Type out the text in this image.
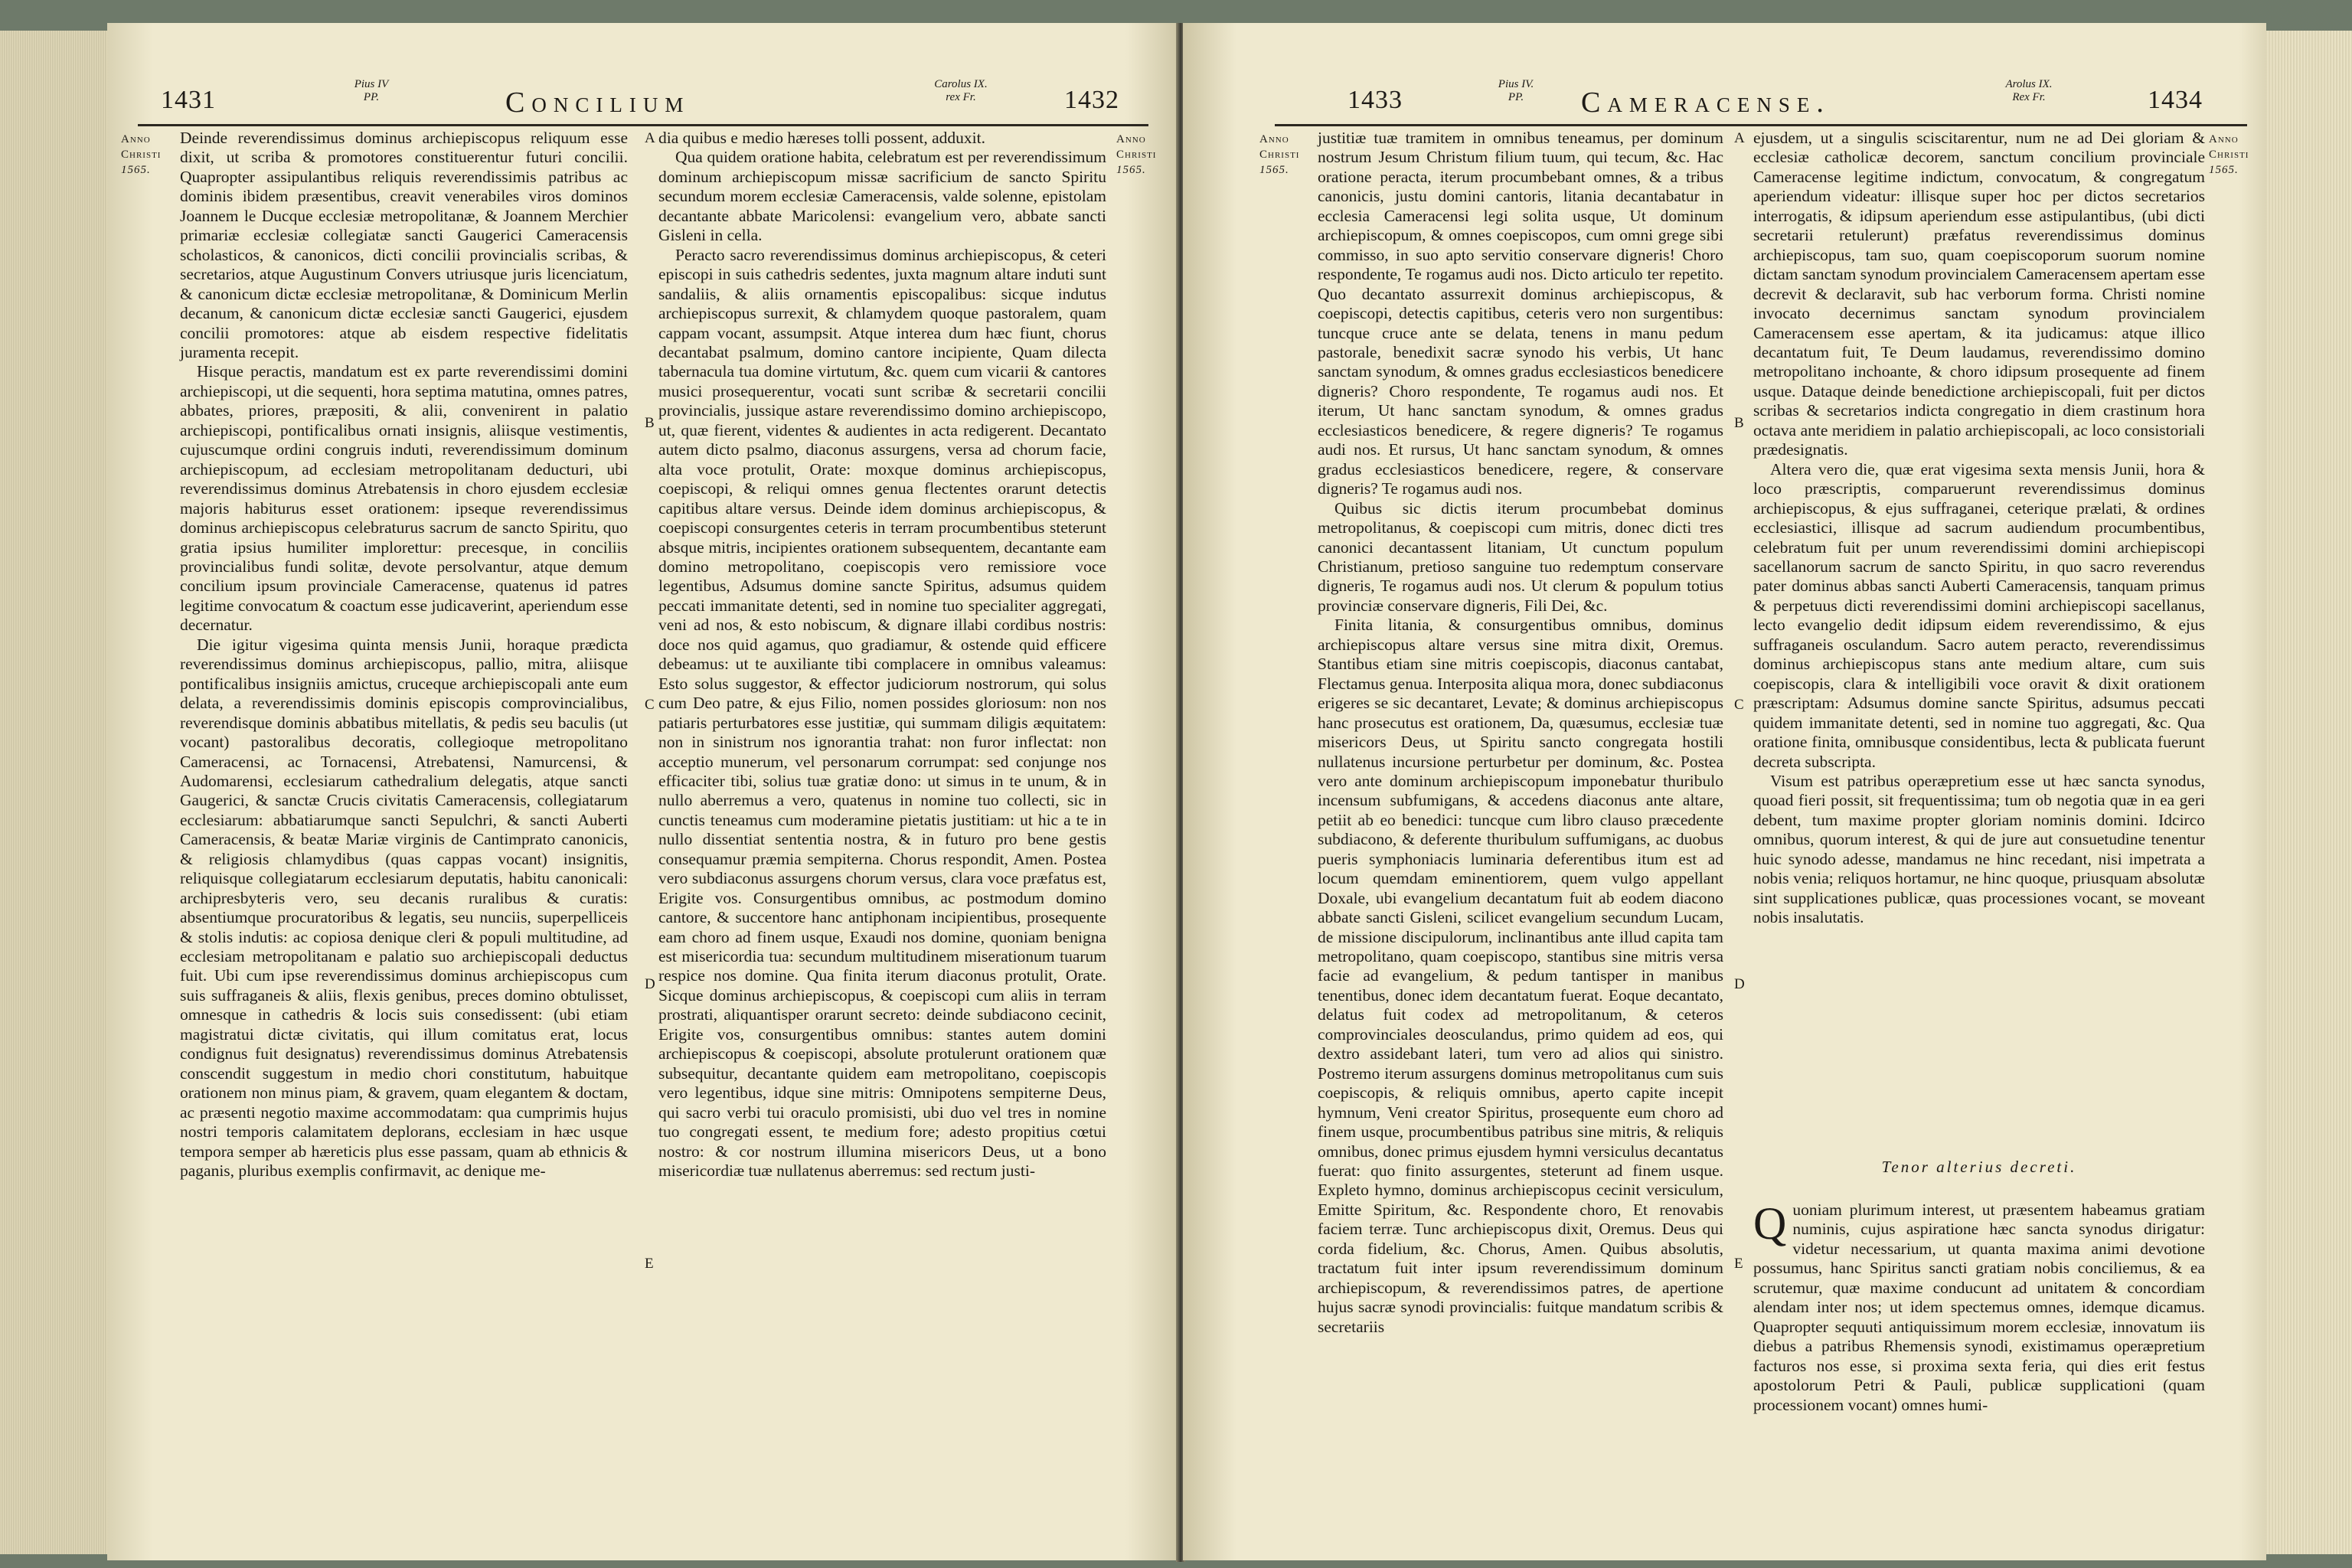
1431
Pius IV
PP.	Concilium
Carolus IX.
rex Fr.	1432
Anno
Christi
1565.
Anno
Christi
1565.

Deinde reverendissimus dominus archiepiscopus reliquum esse dixit, ut scriba & promotores constituerentur futuri concilii. Quapropter assipulantibus reliquis reverendissimis patribus ac dominis ibidem præsentibus, creavit venerabiles viros dominos Joannem le Ducque ecclesiæ metropolitanæ, & Joannem Merchier primariæ ecclesiæ collegiatæ sancti Gaugerici Cameracensis scholasticos, & canonicos, dicti concilii provincialis scribas, & secretarios, atque Augustinum Convers utriusque juris licenciatum, & canonicum dictæ ecclesiæ metropolitanæ, & Dominicum Merlin decanum, & canonicum dictæ ecclesiæ sancti Gaugerici, ejusdem concilii promotores: atque ab eisdem respective fidelitatis juramenta recepit.

Hisque peractis, mandatum est ex parte reverendissimi domini archiepiscopi, ut die sequenti, hora septima matutina, omnes patres, abbates, priores, præpositi, & alii, convenirent in palatio archiepiscopi, pontificalibus ornati insignis, aliisque vestimentis, cujuscumque ordini congruis induti, reverendissimum dominum archiepiscopum, ad ecclesiam metropolitanam deducturi, ubi reverendissimus dominus Atrebatensis in choro ejusdem ecclesiæ majoris habiturus esset orationem: ipseque reverendissimus dominus archiepiscopus celebraturus sacrum de sancto Spiritu, quo gratia ipsius humiliter implorettur: precesque, in conciliis provincialibus fundi solitæ, devote persolvantur, atque demum concilium ipsum provinciale Cameracense, quatenus id patres legitime convocatum & coactum esse judicaverint, aperiendum esse decernatur.

Die igitur vigesima quinta mensis Junii, horaque prædicta reverendissimus dominus archiepiscopus, pallio, mitra, aliisque pontificalibus insigniis amictus, cruceque archiepiscopali ante eum delata, a reverendissimis dominis episcopis comprovincialibus, reverendisque dominis abbatibus mitellatis, & pedis seu baculis (ut vocant) pastoralibus decoratis, collegioque metropolitano Cameracensi, ac Tornacensi, Atrebatensi, Namurcensi, & Audomarensi, ecclesiarum cathedralium delegatis, atque sancti Gaugerici, & sanctæ Crucis civitatis Cameracensis, collegiatarum ecclesiarum: abbatiarumque sancti Sepulchri, & sancti Auberti Cameracensis, & beatæ Mariæ virginis de Cantimprato canonicis, & religiosis chlamydibus (quas cappas vocant) insignitis, reliquisque collegiatarum ecclesiarum deputatis, habitu canonicali: archipresbyteris vero, seu decanis ruralibus & curatis: absentiumque procuratoribus & legatis, seu nunciis, superpelliceis & stolis indutis: ac copiosa denique cleri & populi multitudine, ad ecclesiam metropolitanam e palatio suo archiepiscopali deductus fuit. Ubi cum ipse reverendissimus dominus archiepiscopus cum suis suffraganeis & aliis, flexis genibus, preces domino obtulisset, omnesque in cathedris & locis suis consedissent: (ubi etiam magistratui dictæ civitatis, qui illum comitatus erat, locus condignus fuit designatus) reverendissimus dominus Atrebatensis conscendit suggestum in medio chori constitutum, habuitque orationem non minus piam, & gravem, quam elegantem & doctam, ac præsenti negotio maxime accommodatam: qua cumprimis hujus nostri temporis calamitatem deplorans, ecclesiam in hæc usque tempora semper ab hæreticis plus esse passam, quam ab ethnicis & paganis, pluribus exemplis confirmavit, ac denique me-

dia quibus e medio hæreses tolli possent, adduxit.

Qua quidem oratione habita, celebratum est per reverendissimum dominum archiepiscopum missæ sacrificium de sancto Spiritu secundum morem ecclesiæ Cameracensis, valde solenne, epistolam decantante abbate Maricolensi: evangelium vero, abbate sancti Gisleni in cella.

Peracto sacro reverendissimus dominus archiepiscopus, & ceteri episcopi in suis cathedris sedentes, juxta magnum altare induti sunt sandaliis, & aliis ornamentis episcopalibus: sicque indutus archiepiscopus surrexit, & chlamydem quoque pastoralem, quam cappam vocant, assumpsit. Atque interea dum hæc fiunt, chorus decantabat psalmum, domino cantore incipiente, Quam dilecta tabernacula tua domine virtutum, &c. quem cum vicarii & cantores musici prosequerentur, vocati sunt scribæ & secretarii concilii provincialis, jussique astare reverendissimo domino archiepiscopo, ut, quæ fierent, videntes & audientes in acta redigerent. Decantato autem dicto psalmo, diaconus assurgens, versa ad chorum facie, alta voce protulit, Orate: moxque dominus archiepiscopus, coepiscopi, & reliqui omnes genua flectentes orarunt detectis capitibus altare versus. Deinde idem dominus archiepiscopus, & coepiscopi consurgentes ceteris in terram procumbentibus steterunt absque mitris, incipientes orationem subsequentem, decantante eam domino metropolitano, coepiscopis vero remissiore voce legentibus, Adsumus domine sancte Spiritus, adsumus quidem peccati immanitate detenti, sed in nomine tuo specialiter aggregati, veni ad nos, & esto nobiscum, & dignare illabi cordibus nostris: doce nos quid agamus, quo gradiamur, & ostende quid efficere debeamus: ut te auxiliante tibi complacere in omnibus valeamus: Esto solus suggestor, & effector judiciorum nostrorum, qui solus cum Deo patre, & ejus Filio, nomen possides gloriosum: non nos patiaris perturbatores esse justitiæ, qui summam diligis æquitatem: non in sinistrum nos ignorantia trahat: non furor inflectat: non acceptio munerum, vel personarum corrumpat: sed conjunge nos efficaciter tibi, solius tuæ gratiæ dono: ut simus in te unum, & in nullo aberremus a vero, quatenus in nomine tuo collecti, sic in cunctis teneamus cum moderamine pietatis justitiam: ut hic a te in nullo dissentiat sententia nostra, & in futuro pro bene gestis consequamur præmia sempiterna. Chorus respondit, Amen. Postea vero subdiaconus assurgens chorum versus, clara voce præfatus est, Erigite vos. Consurgentibus omnibus, ac postmodum domino cantore, & succentore hanc antiphonam incipientibus, prosequente eam choro ad finem usque, Exaudi nos domine, quoniam benigna est misericordia tua: secundum multitudinem miserationum tuarum respice nos domine. Qua finita iterum diaconus protulit, Orate. Sicque dominus archiepiscopus, & coepiscopi cum aliis in terram prostrati, aliquantisper orarunt secreto: deinde subdiacono cecinit, Erigite vos, consurgentibus omnibus: stantes autem domini archiepiscopus & coepiscopi, absolute protulerunt orationem quæ subsequitur, decantante quidem eam metropolitano, coepiscopis vero legentibus, idque sine mitris: Omnipotens sempiterne Deus, qui sacro verbi tui oraculo promisisti, ubi duo vel tres in nomine tuo congregati essent, te medium fore; adesto propitius cœtui nostro: & cor nostrum illumina misericors Deus, ut a bono misericordiæ tuæ nullatenus aberremus: sed rectum justi-

A
B
C
D
E
1433
Pius IV.
PP.	Cameracense.
Arolus IX.
Rex Fr.	1434
Anno
Christi
1565.
Anno
Christi
1565.

justitiæ tuæ tramitem in omnibus teneamus, per dominum nostrum Jesum Christum filium tuum, qui tecum, &c. Hac oratione peracta, iterum procumbebant omnes, & a tribus canonicis, justu domini cantoris, litania decantabatur in ecclesia Cameracensi legi solita usque, Ut dominum archiepiscopum, & omnes coepiscopos, cum omni grege sibi commisso, in suo apto servitio conservare digneris! Choro respondente, Te rogamus audi nos. Dicto articulo ter repetito. Quo decantato assurrexit dominus archiepiscopus, & coepiscopi, detectis capitibus, ceteris vero non surgentibus: tuncque cruce ante se delata, tenens in manu pedum pastorale, benedixit sacræ synodo his verbis, Ut hanc sanctam synodum, & omnes gradus ecclesiasticos benedicere digneris? Choro respondente, Te rogamus audi nos. Et iterum, Ut hanc sanctam synodum, & omnes gradus ecclesiasticos benedicere, & regere digneris? Te rogamus audi nos. Et rursus, Ut hanc sanctam synodum, & omnes gradus ecclesiasticos benedicere, regere, & conservare digneris? Te rogamus audi nos.

Quibus sic dictis iterum procumbebat dominus metropolitanus, & coepiscopi cum mitris, donec dicti tres canonici decantassent litaniam, Ut cunctum populum Christianum, pretioso sanguine tuo redemptum conservare digneris, Te rogamus audi nos. Ut clerum & populum totius provinciæ conservare digneris, Fili Dei, &c.

Finita litania, & consurgentibus omnibus, dominus archiepiscopus altare versus sine mitra dixit, Oremus. Stantibus etiam sine mitris coepiscopis, diaconus cantabat, Flectamus genua. Interposita aliqua mora, donec subdiaconus erigeres se sic decantaret, Levate; & dominus archiepiscopus hanc prosecutus est orationem, Da, quæsumus, ecclesiæ tuæ misericors Deus, ut Spiritu sancto congregata hostili nullatenus incursione perturbetur per dominum, &c. Postea vero ante dominum archiepiscopum imponebatur thuribulo incensum subfumigans, & accedens diaconus ante altare, petiit ab eo benedici: tuncque cum libro clauso præcedente subdiacono, & deferente thuribulum suffumigans, ac duobus pueris symphoniacis luminaria deferentibus itum est ad locum quemdam eminentiorem, quem vulgo appellant Doxale, ubi evangelium decantatum fuit ab eodem diacono abbate sancti Gisleni, scilicet evangelium secundum Lucam, de missione discipulorum, inclinantibus ante illud capita tam metropolitano, quam coepiscopo, stantibus sine mitris versa facie ad evangelium, & pedum tantisper in manibus tenentibus, donec idem decantatum fuerat. Eoque decantato, delatus fuit codex ad metropolitanum, & ceteros comprovinciales deosculandus, primo quidem ad eos, qui dextro assidebant lateri, tum vero ad alios qui sinistro. Postremo iterum assurgens dominus metropolitanus cum suis coepiscopis, & reliquis omnibus, aperto capite incepit hymnum, Veni creator Spiritus, prosequente eum choro ad finem usque, procumbentibus patribus sine mitris, & reliquis omnibus, donec primus ejusdem hymni versiculus decantatus fuerat: quo finito assurgentes, steterunt ad finem usque. Expleto hymno, dominus archiepiscopus cecinit versiculum, Emitte Spiritum, &c. Respondente choro, Et renovabis faciem terræ. Tunc archiepiscopus dixit, Oremus. Deus qui corda fidelium, &c. Chorus, Amen. Quibus absolutis, tractatum fuit inter ipsum reverendissimum dominum archiepiscopum, & reverendissimos patres, de apertione hujus sacræ synodi provincialis: fuitque mandatum scribis & secretariis

ejusdem, ut a singulis sciscitarentur, num ne ad Dei gloriam & ecclesiæ catholicæ decorem, sanctum concilium provinciale Cameracense legitime indictum, convocatum, & congregatum aperiendum videatur: illisque super hoc per dictos secretarios interrogatis, & idipsum aperiendum esse astipulantibus, (ubi dicti secretarii retulerunt) præfatus reverendissimus dominus archiepiscopus, tam suo, quam coepiscoporum suorum nomine dictam sanctam synodum provincialem Cameracensem apertam esse decrevit & declaravit, sub hac verborum forma. Christi nomine invocato decernimus sanctam synodum provincialem Cameracensem esse apertam, & ita judicamus: atque illico decantatum fuit, Te Deum laudamus, reverendissimo domino metropolitano inchoante, & choro idipsum prosequente ad finem usque. Dataque deinde benedictione archiepiscopali, fuit per dictos scribas & secretarios indicta congregatio in diem crastinum hora octava ante meridiem in palatio archiepiscopali, ac loco consistoriali prædesignatis.

Altera vero die, quæ erat vigesima sexta mensis Junii, hora & loco præscriptis, comparuerunt reverendissimus dominus archiepiscopus, & ejus suffraganei, ceterique prælati, & ordines ecclesiastici, illisque ad sacrum audiendum procumbentibus, celebratum fuit per unum reverendissimi domini archiepiscopi sacellanorum sacrum de sancto Spiritu, in quo sacro reverendus pater dominus abbas sancti Auberti Cameracensis, tanquam primus & perpetuus dicti reverendissimi domini archiepiscopi sacellanus, lecto evangelio dedit idipsum eidem reverendissimo, & ejus suffraganeis osculandum. Sacro autem peracto, reverendissimus dominus archiepiscopus stans ante medium altare, cum suis coepiscopis, clara & intelligibili voce oravit & dixit orationem præscriptam: Adsumus domine sancte Spiritus, adsumus peccati quidem immanitate detenti, sed in nomine tuo aggregati, &c. Qua oratione finita, omnibusque considentibus, lecta & publicata fuerunt decreta subscripta.

Visum est patribus operæpretium esse ut hæc sancta synodus, quoad fieri possit, sit frequentissima; tum ob negotia quæ in ea geri debent, tum maxime propter gloriam nominis domini. Idcirco omnibus, quorum interest, & qui de jure aut consuetudine tenentur huic synodo adesse, mandamus ne hinc recedant, nisi impetrata a nobis venia; reliquos hortamur, ne hinc quoque, priusquam absolutæ sint supplicationes publicæ, quas processiones vocant, se moveant nobis insalutatis.

Tenor alterius decreti.

Quoniam plurimum interest, ut præsentem habeamus gratiam numinis, cujus aspiratione hæc sancta synodus dirigatur: videtur necessarium, ut quanta maxima animi devotione possumus, hanc Spiritus sancti gratiam nobis conciliemus, & ea scrutemur, quæ maxime conducunt ad unitatem & concordiam alendam inter nos; ut idem spectemus omnes, idemque dicamus. Quapropter sequuti antiquissimum morem ecclesiæ, innovatum iis diebus a patribus Rhemensis synodi, existimamus operæpretium facturos nos esse, si proxima sexta feria, qui dies erit festus apostolorum Petri & Pauli, publicæ supplicationi (quam processionem vocant) omnes humi-

A
B
C
D
E
